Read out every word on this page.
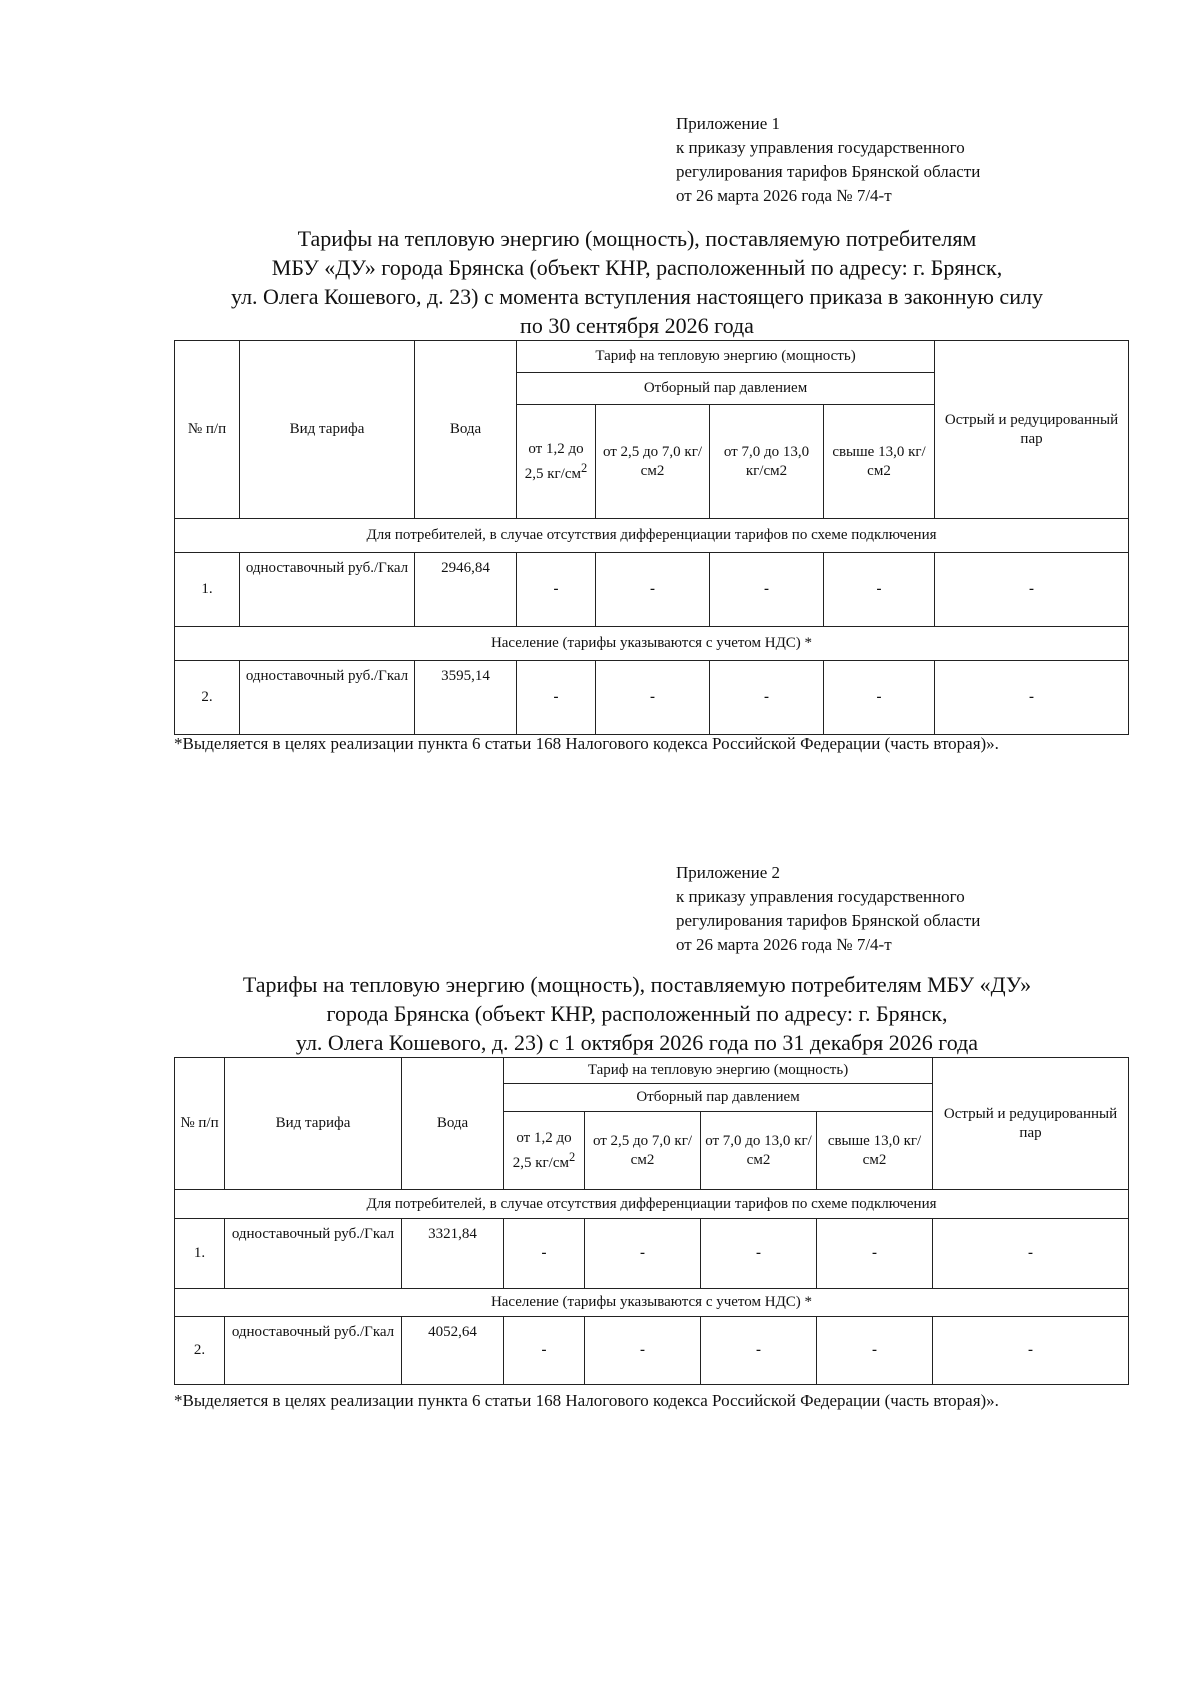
Приложение 1
к приказу управления государственного
регулирования тарифов Брянской области
от 26 марта 2026 года № 7/4-т
Тарифы на тепловую энергию (мощность), поставляемую потребителям
МБУ «ДУ» города Брянска (объект КНР, расположенный по адресу: г. Брянск,
ул. Олега Кошевого, д. 23) с момента вступления настоящего приказа в законную силу
по 30 сентября 2026 года
№ п/п	Вид тарифа	Вода	Тариф на тепловую энергию (мощность)				Острый и редуцированный пар
			Отборный пар давлением				
			от 1,2 до 2,5 $кг/см^2$	от 2,5 до 7,0 кг/см2	от 7,0 до 13,0 кг/см2	свыше 13,0 кг/см2	
Для потребителей, в случае отсутствия дифференциации тарифов по схеме подключения							
1.	одноставочный руб./Гкал	2946,84	-	-	-	-	-
Население (тарифы указываются с учетом НДС) *							
2.	одноставочный руб./Гкал	3595,14	-	-	-	-	-
*Выделяется в целях реализации пункта 6 статьи 168 Налогового кодекса Российской Федерации (часть вторая)».
Приложение 2
к приказу управления государственного
регулирования тарифов Брянской области
от 26 марта 2026 года № 7/4-т
Тарифы на тепловую энергию (мощность), поставляемую потребителям МБУ «ДУ»
города Брянска (объект КНР, расположенный по адресу: г. Брянск,
ул. Олега Кошевого, д. 23) с 1 октября 2026 года по 31 декабря 2026 года
№ п/п	Вид тарифа	Вода	Тариф на тепловую энергию (мощность)				Острый и редуцированный пар
			Отборный пар давлением				
			от 1,2 до 2,5 $кг/см^2$	от 2,5 до 7,0 кг/см2	от 7,0 до 13,0 кг/см2	свыше 13,0 кг/см2	
Для потребителей, в случае отсутствия дифференциации тарифов по схеме подключения							
1.	одноставочный руб./Гкал	3321,84	-	-	-	-	-
Население (тарифы указываются с учетом НДС) *							
2.	одноставочный руб./Гкал	4052,64	-	-	-	-	-
*Выделяется в целях реализации пункта 6 статьи 168 Налогового кодекса Российской Федерации (часть вторая)».
